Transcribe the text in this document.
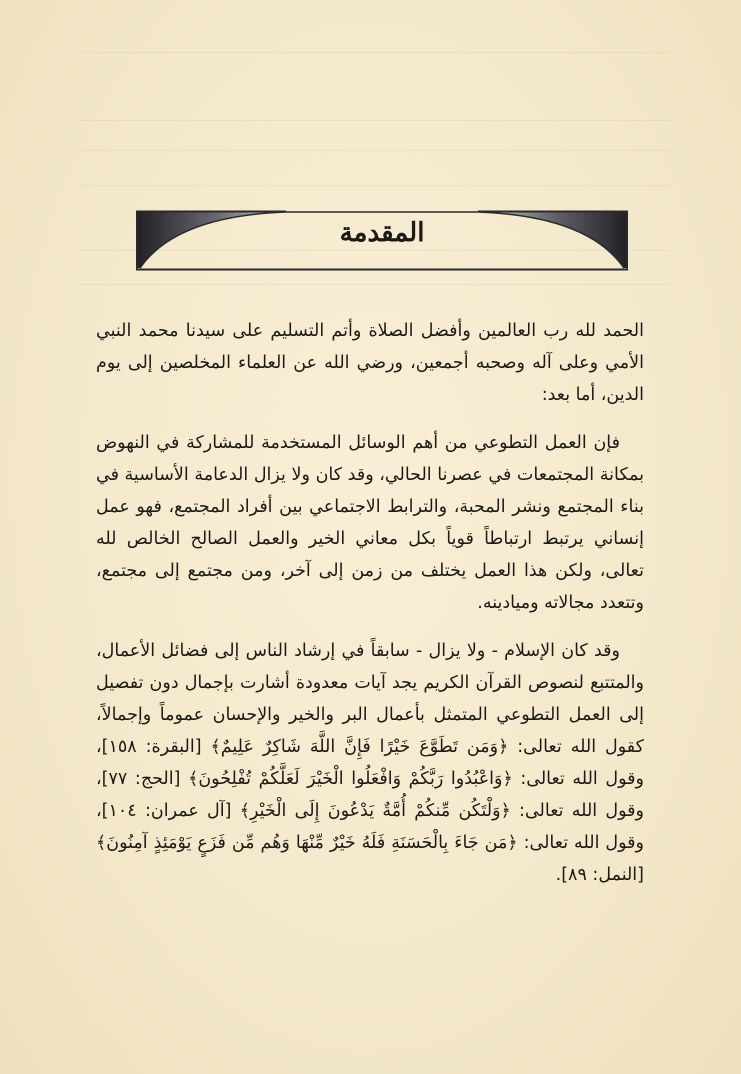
المقدمة

الحمد لله رب العالمين وأفضل الصلاة وأتم التسليم على سيدنا محمد النبي الأمي وعلى آله وصحبه أجمعين، ورضي الله عن العلماء المخلصين إلى يوم الدين، أما بعد:

فإن العمل التطوعي من أهم الوسائل المستخدمة للمشاركة في النهوض بمكانة المجتمعات في عصرنا الحالي، وقد كان ولا يزال الدعامة الأساسية في بناء المجتمع ونشر المحبة، والترابط الاجتماعي بين أفراد المجتمع، فهو عمل إنساني يرتبط ارتباطاً قوياً بكل معاني الخير والعمل الصالح الخالص لله تعالى، ولكن هذا العمل يختلف من زمن إلى آخر، ومن مجتمع إلى مجتمع، وتتعدد مجالاته وميادينه.

وقد كان الإسلام - ولا يزال - سابقاً في إرشاد الناس إلى فضائل الأعمال، والمتتبع لنصوص القرآن الكريم يجد آيات معدودة أشارت بإجمال دون تفصيل إلى العمل التطوعي المتمثل بأعمال البر والخير والإحسان عموماً وإجمالاً، كقول الله تعالى: ﴿وَمَن تَطَوَّعَ خَيْرًا فَإِنَّ اللَّهَ شَاكِرٌ عَلِيمٌ﴾ [البقرة: ١٥٨]، وقول الله تعالى: ﴿وَاعْبُدُوا رَبَّكُمْ وَافْعَلُوا الْخَيْرَ لَعَلَّكُمْ تُفْلِحُونَ﴾ [الحج: ٧٧]، وقول الله تعالى: ﴿وَلْتَكُن مِّنكُمْ أُمَّةٌ يَدْعُونَ إِلَى الْخَيْرِ﴾ [آل عمران: ١٠٤]، وقول الله تعالى: ﴿مَن جَاءَ بِالْحَسَنَةِ فَلَهُ خَيْرٌ مِّنْهَا وَهُم مِّن فَزَعٍ يَوْمَئِذٍ آمِنُونَ﴾ [النمل: ٨٩].
